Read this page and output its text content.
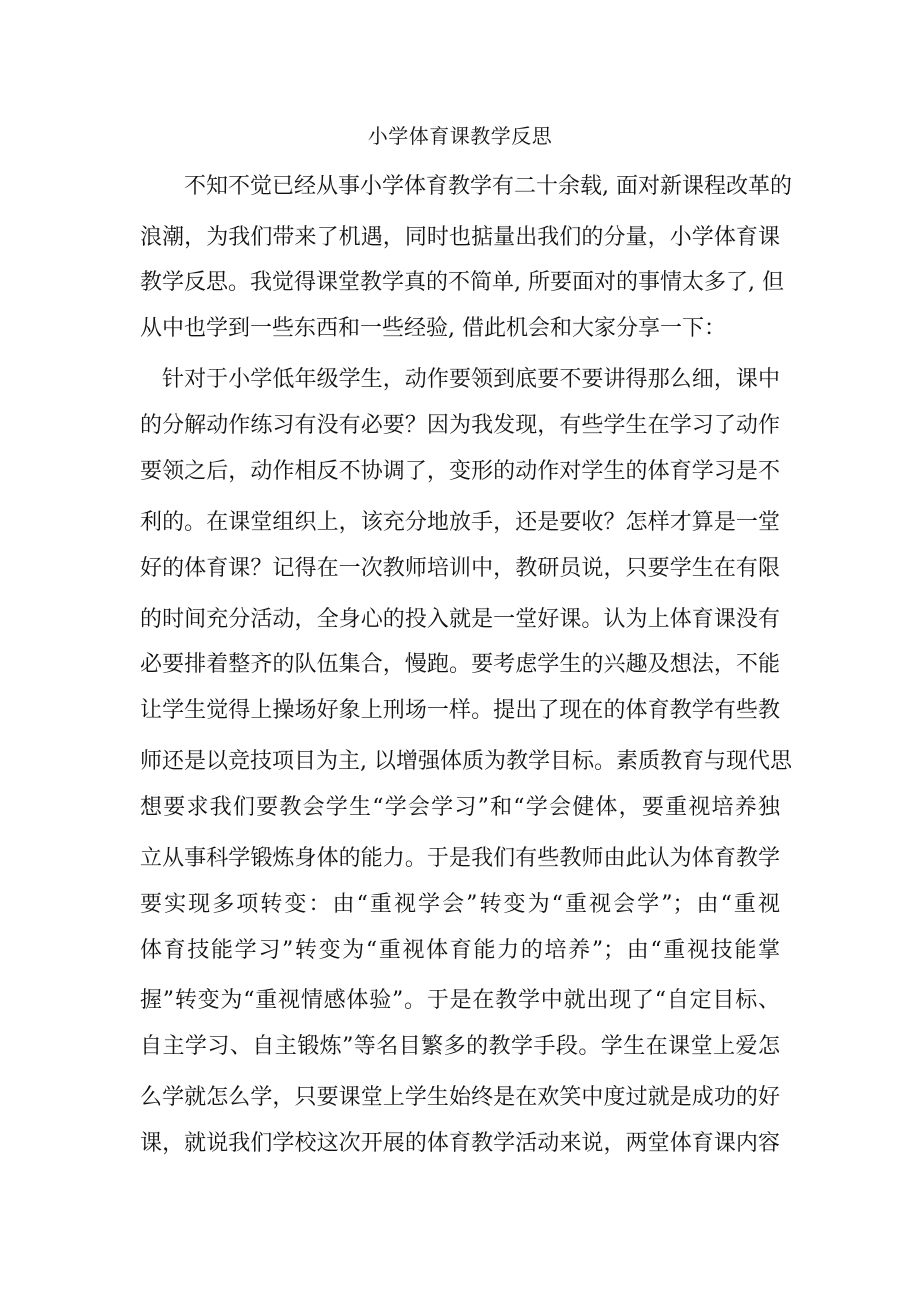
小学体育课教学反思
不知不觉已经从事小学体育教学有二十余载, 面对新课程改革的
浪潮，为我们带来了机遇，同时也掂量出我们的分量，小学体育课
教学反思。我觉得课堂教学真的不简单, 所要面对的事情太多了, 但
从中也学到一些东西和一些经验, 借此机会和大家分享一下：
针对于小学低年级学生，动作要领到底要不要讲得那么细，课中
的分解动作练习有没有必要？因为我发现，有些学生在学习了动作
要领之后，动作相反不协调了，变形的动作对学生的体育学习是不
利的。在课堂组织上，该充分地放手，还是要收？怎样才算是一堂
好的体育课？记得在一次教师培训中，教研员说，只要学生在有限
的时间充分活动，全身心的投入就是一堂好课。认为上体育课没有
必要排着整齐的队伍集合，慢跑。要考虑学生的兴趣及想法，不能
让学生觉得上操场好象上刑场一样。提出了现在的体育教学有些教
师还是以竞技项目为主, 以增强体质为教学目标。素质教育与现代思
想要求我们要教会学生“学会学习”和“学会健体，要重视培养独
立从事科学锻炼身体的能力。于是我们有些教师由此认为体育教学
要实现多项转变：由“重视学会”转变为“重视会学”；由“重视
体育技能学习”转变为“重视体育能力的培养”；由“重视技能掌
握”转变为“重视情感体验”。于是在教学中就出现了“自定目标、
自主学习、自主锻炼”等名目繁多的教学手段。学生在课堂上爱怎
么学就怎么学，只要课堂上学生始终是在欢笑中度过就是成功的好
课，就说我们学校这次开展的体育教学活动来说，两堂体育课内容
